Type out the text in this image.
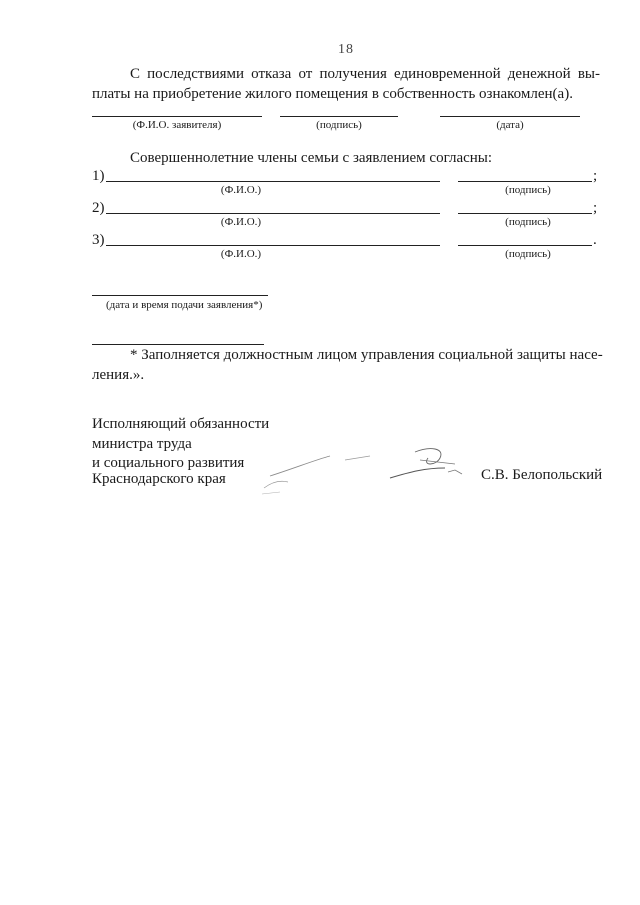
18
С последствиями отказа от получения единовременной денежной вы-
платы на приобретение жилого помещения в собственность ознакомлен(а).
(Ф.И.О. заявителя)	(подпись)	(дата)
Совершеннолетние члены семьи с заявлением согласны:
1)	;
(Ф.И.О.)	(подпись)
2)	;
(Ф.И.О.)	(подпись)
3)	.
(Ф.И.О.)	(подпись)
(дата и время подачи заявления*)
* Заполняется должностным лицом управления социальной защиты насе-
ления.».
Исполняющий обязанности
министра труда
и социального развития
Краснодарского края	С.В. Белопольский
